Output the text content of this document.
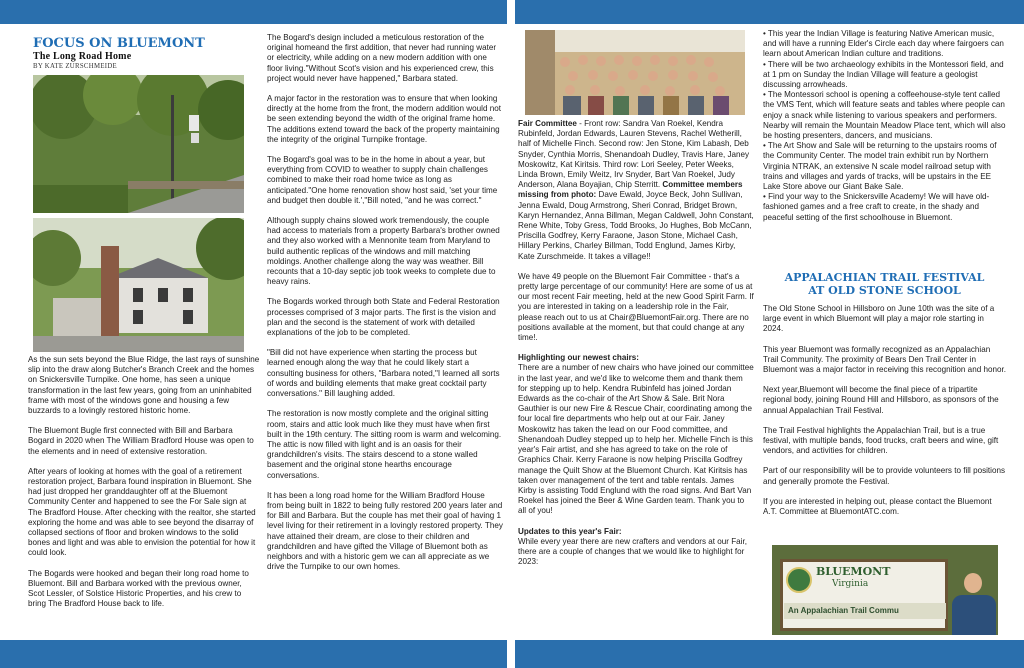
FOCUS ON BLUEMONT
The Long Road Home
BY KATE ZURSCHMEIDE

As the sun sets beyond the Blue Ridge, the last rays of sunshine slip into the draw along Butcher's Branch Creek and the homes on Snickersville Turnpike. One home, has seen a unique transformation in the last few years, going from an uninhabited frame with most of the windows gone and housing a few buzzards to a lovingly restored historic home.

The Bluemont Bugle first connected with Bill and Barbara Bogard in 2020 when The William Bradford House was open to the elements and in need of extensive restoration.

After years of looking at homes with the goal of a retirement restoration project, Barbara found inspiration in Bluemont. She had just dropped her granddaughter off at the Bluemont Community Center and happened to see the For Sale sign at The Bradford House. After checking with the realtor, she started exploring the home and was able to see beyond the disarray of collapsed sections of floor and broken windows to the solid bones and light and was able to envision the potential for how it could look.

The Bogards were hooked and began their long road home to Bluemont. Bill and Barbara worked with the previous owner, Scot Lessler, of Solstice Historic Properties, and his crew to bring The Bradford House back to life.

The Bogard's design included a meticulous restoration of the original homeand the first addition, that never had running water or electricity, while adding on a new modern addition with one floor living."Without Scot's vision and his experienced crew, this project would never have happened," Barbara stated.

A major factor in the restoration was to ensure that when looking directly at the home from the front, the modern addition would not be seen extending beyond the width of the original frame home. The additions extend toward the back of the property maintaining the integrity of the original Turnpike frontage.

The Bogard's goal was to be in the home in about a year, but everything from COVID to weather to supply chain challenges combined to make their road home twice as long as anticipated."One home renovation show host said, 'set your time and budget then double it.',"Bill noted, "and he was correct."

Although supply chains slowed work tremendously, the couple had access to materials from a property Barbara's brother owned and they also worked with a Mennonite team from Maryland to build authentic replicas of the windows and mill matching moldings. Another challenge along the way was weather. Bill recounts that a 10-day septic job took weeks to complete due to heavy rains.

The Bogards worked through both State and Federal Restoration processes comprised of 3 major parts. The first is the vision and plan and the second is the statement of work with detailed explanations of the job to be completed.

"Bill did not have experience when starting the process but learned enough along the way that he could likely start a consulting business for others, "Barbara noted,"I learned all sorts of words and building elements that make great cocktail party conversations." Bill laughing added.

The restoration is now mostly complete and the original sitting room, stairs and attic look much like they must have when first built in the 19th century. The sitting room is warm and welcoming. The attic is now filled with light and is an oasis for their grandchildren's visits. The stairs descend to a stone walled basement and the original stone hearths encourage conversations.

It has been a long road home for the William Bradford House from being built in 1822 to being fully restored 200 years later and for Bill and Barbara. But the couple has met their goal of having 1 level living for their retirement in a lovingly restored property. They have attained their dream, are close to their children and grandchildren and have gifted the Village of Bluemont both as neighbors and with a historic gem we can all appreciate as we drive the Turnpike to our own homes.

Fair Committee - Front row: Sandra Van Roekel, Kendra Rubinfeld, Jordan Edwards, Lauren Stevens, Rachel Wetherill, half of Michelle Finch. Second row: Jen Stone, Kim Labash, Deb Snyder, Cynthia Morris, Shenandoah Dudley, Travis Hare, Janey Moskowitz, Kat Kiritsis. Third row: Lori Seeley, Peter Weeks, Linda Brown, Emily Weitz, Irv Snyder, Bart Van Roekel, Judy Anderson, Alana Boyajian, Chip Sterritt. Committee members missing from photo: Dave Ewald, Joyce Beck, John Sullivan, Jenna Ewald, Doug Armstrong, Sheri Conrad, Bridget Brown, Karyn Hernandez, Anna Billman, Megan Caldwell, John Constant, Rene White, Toby Gress, Todd Brooks, Jo Hughes, Bob McCann, Priscilla Godfrey, Kerry Faraone, Jason Stone, Michael Cash, Hillary Perkins, Charley Billman, Todd Englund, James Kirby, Kate Zurschmeide. It takes a village!!

We have 49 people on the Bluemont Fair Committee - that's a pretty large percentage of our community! Here are some of us at our most recent Fair meeting, held at the new Good Spirit Farm. If you are interested in taking on a leadership role in the Fair, please reach out to us at Chair@BluemontFair.org. There are no positions available at the moment, but that could change at any time!.

Highlighting our newest chairs:

There are a number of new chairs who have joined our committee in the last year, and we'd like to welcome them and thank them for stepping up to help. Kendra Rubinfeld has joined Jordan Edwards as the co-chair of the Art Show & Sale. Brit Nora Gauthier is our new Fire & Rescue Chair, coordinating among the four local fire departments who help out at our Fair. Janey Moskowitz has taken the lead on our Food committee, and Shenandoah Dudley stepped up to help her. Michelle Finch is this year's Fair artist, and she has agreed to take on the role of Graphics Chair. Kerry Faraone is now helping Priscilla Godfrey manage the Quilt Show at the Bluemont Church. Kat Kiritsis has taken over management of the tent and table rentals. James Kirby is assisting Todd Englund with the road signs. And Bart Van Roekel has joined the Beer & Wine Garden team. Thank you to all of you!

Updates to this year's Fair:

While every year there are new crafters and vendors at our Fair, there are a couple of changes that we would like to highlight for 2023:

• This year the Indian Village is featuring Native American music, and will have a running Elder's Circle each day where fairgoers can learn about American Indian culture and traditions.
• There will be two archaeology exhibits in the Montessori field, and at 1 pm on Sunday the Indian Village will feature a geologist discussing arrowheads.
• The Montessori school is opening a coffeehouse-style tent called the VMS Tent, which will feature seats and tables where people can enjoy a snack while listening to various speakers and performers. Nearby will remain the Mountain Meadow Place tent, which will also be hosting presenters, dancers, and musicians.
• The Art Show and Sale will be returning to the upstairs rooms of the Community Center. The model train exhibit run by Northern Virginia NTRAK, an extensive N scale model railroad setup with trains and villages and yards of tracks, will be upstairs in the EE Lake Store above our Giant Bake Sale.
• Find your way to the Snickersville Academy! We will have old-fashioned games and a free craft to create, in the shady and peaceful setting of the first schoolhouse in Bluemont.
APPALACHIAN TRAIL FESTIVAL
AT OLD STONE SCHOOL

The Old Stone School in Hillsboro on June 10th was the site of a large event in which Bluemont will play a major role starting in 2024.

This year Bluemont was formally recognized as an Appalachian Trail Community. The proximity of Bears Den Trail Center in Bluemont was a major factor in receiving this recognition and honor.

Next year,Bluemont will become the final piece of a tripartite regional body, joining Round Hill and Hillsboro, as sponsors of the annual Appalachian Trail Festival.

The Trail Festival highlights the Appalachian Trail, but is a true festival, with multiple bands, food trucks, craft beers and wine, gift vendors, and activities for children.

Part of our responsibility will be to provide volunteers to fill positions and generally promote the Festival.

If you are interested in helping out, please contact the Bluemont A.T. Committee at BluemontATC.com.

BLUEMONT
Virginia
An Appalachian Trail Commu
